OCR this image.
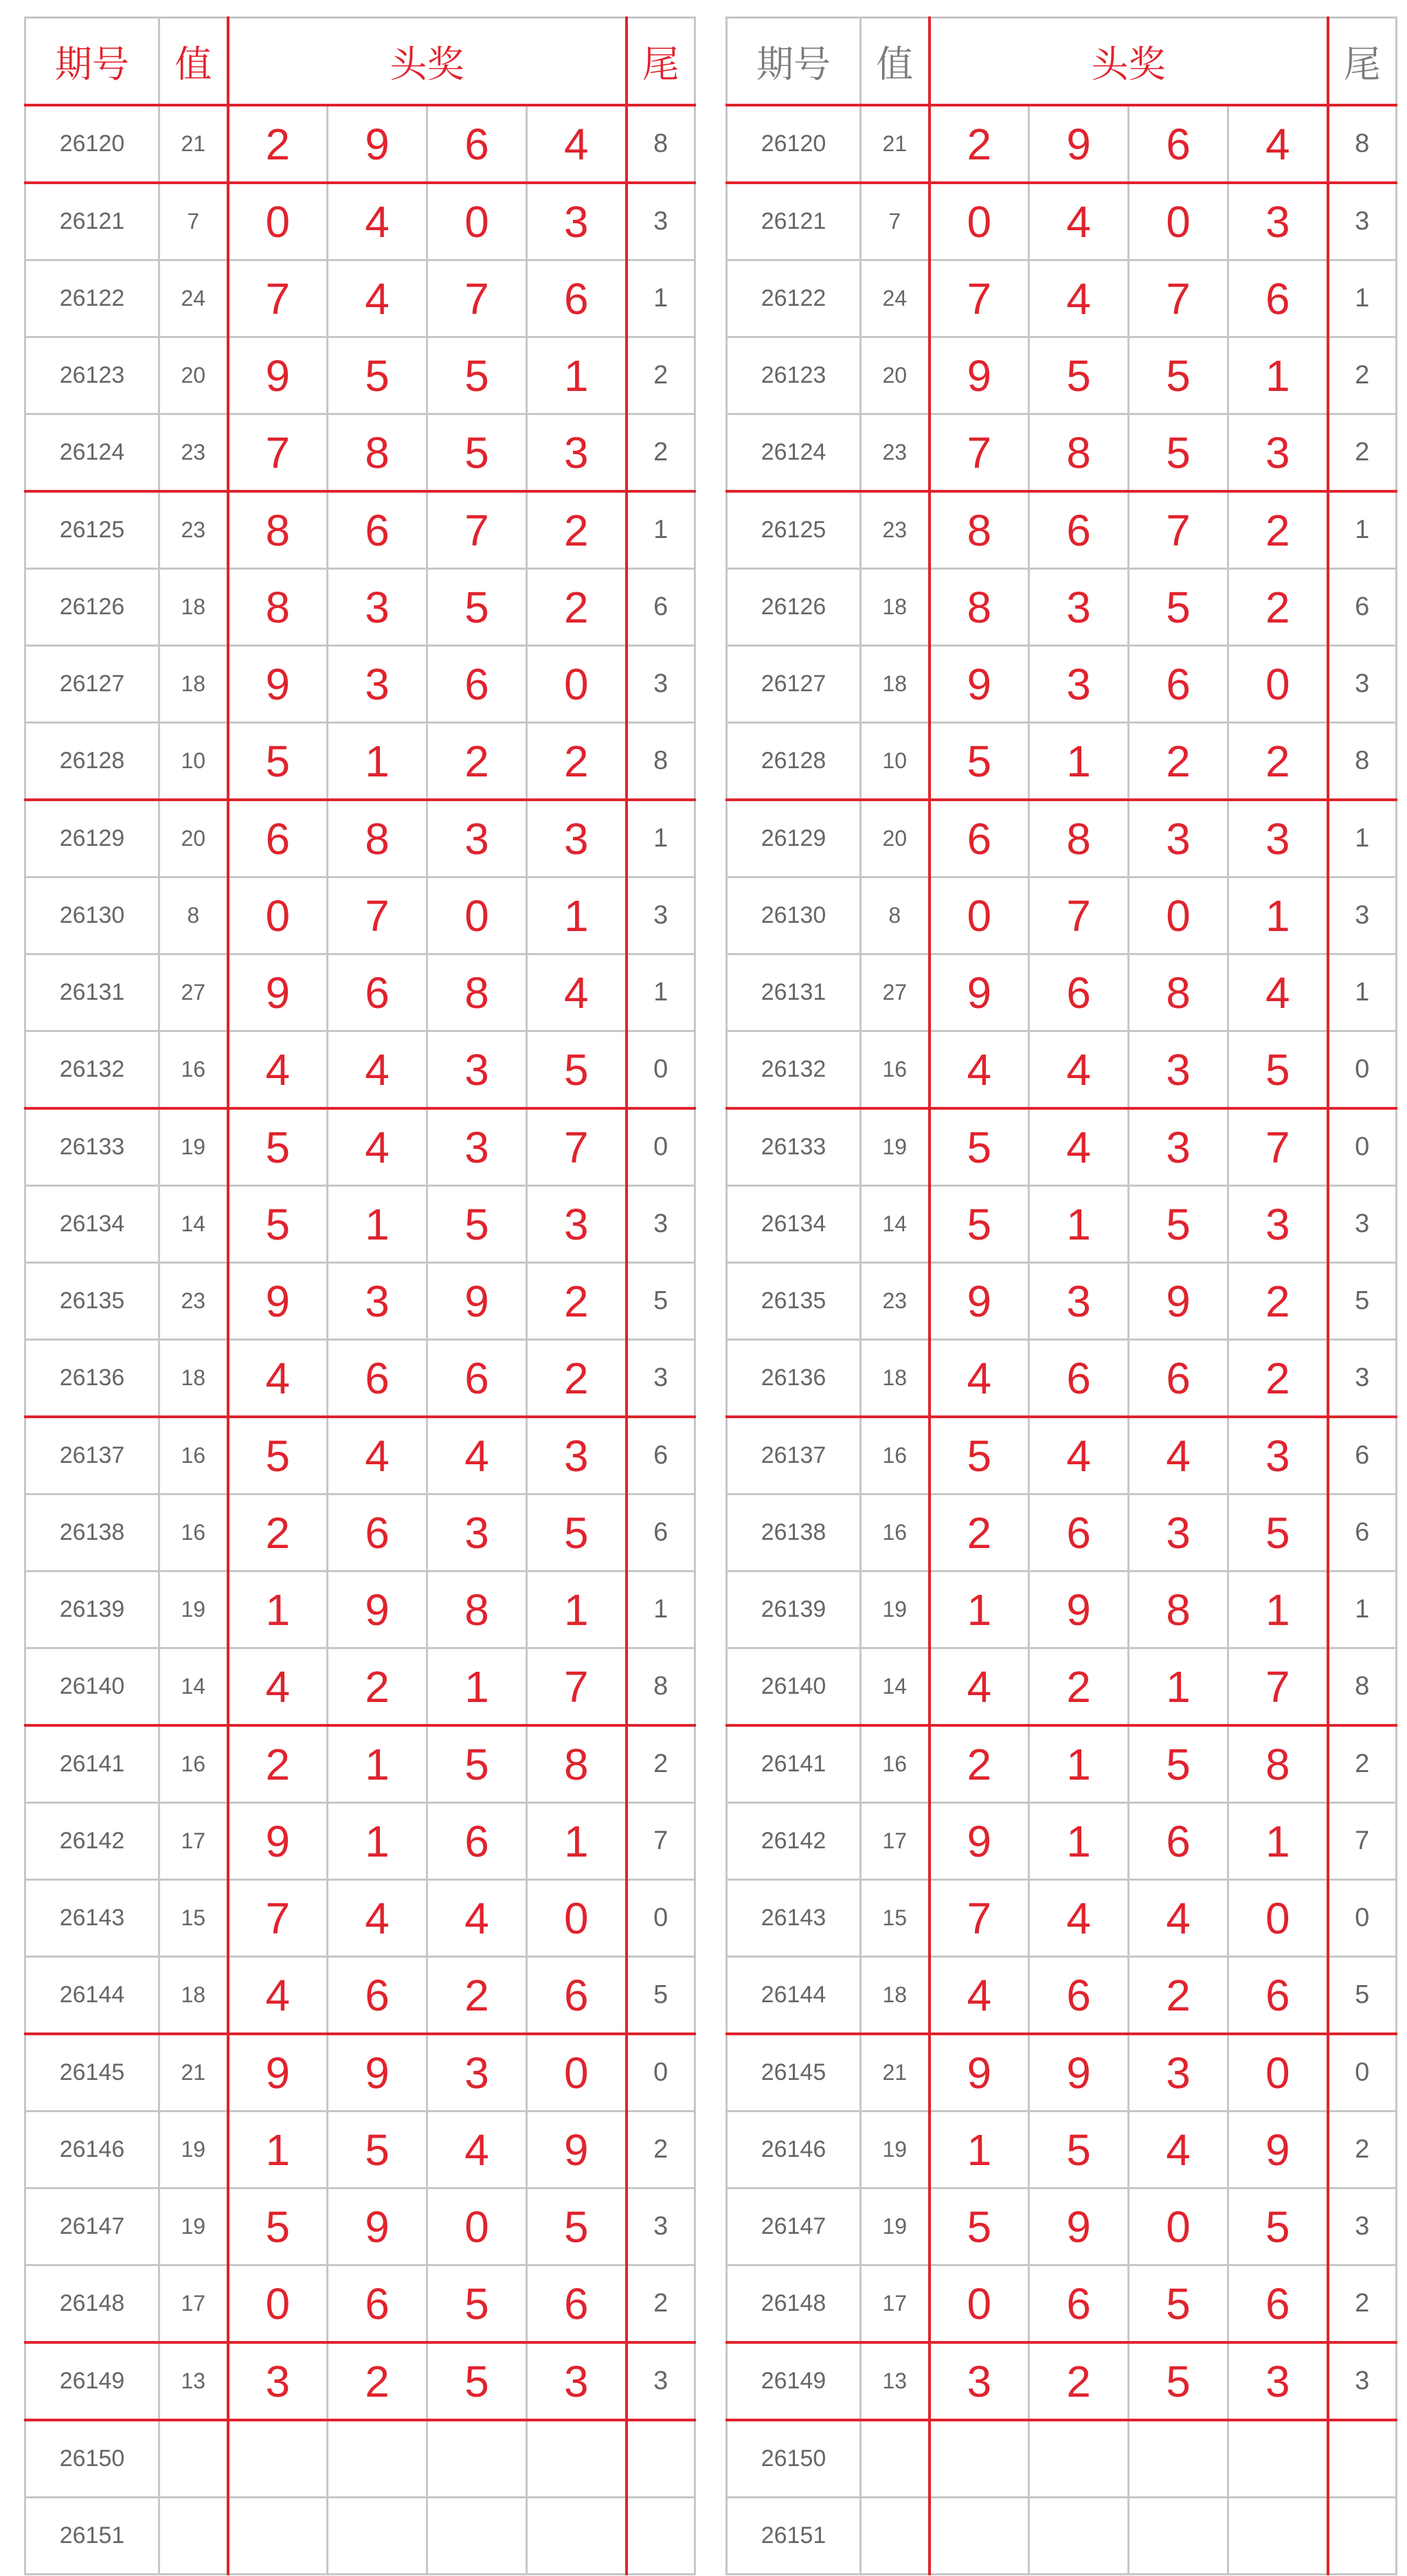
期号	值	头奖				尾
26120	21	2	9	6	4	8
26121	7	0	4	0	3	3
26122	24	7	4	7	6	1
26123	20	9	5	5	1	2
26124	23	7	8	5	3	2
26125	23	8	6	7	2	1
26126	18	8	3	5	2	6
26127	18	9	3	6	0	3
26128	10	5	1	2	2	8
26129	20	6	8	3	3	1
26130	8	0	7	0	1	3
26131	27	9	6	8	4	1
26132	16	4	4	3	5	0
26133	19	5	4	3	7	0
26134	14	5	1	5	3	3
26135	23	9	3	9	2	5
26136	18	4	6	6	2	3
26137	16	5	4	4	3	6
26138	16	2	6	3	5	6
26139	19	1	9	8	1	1
26140	14	4	2	1	7	8
26141	16	2	1	5	8	2
26142	17	9	1	6	1	7
26143	15	7	4	4	0	0
26144	18	4	6	2	6	5
26145	21	9	9	3	0	0
26146	19	1	5	4	9	2
26147	19	5	9	0	5	3
26148	17	0	6	5	6	2
26149	13	3	2	5	3	3
26150						
26151						
期号	值	头奖				尾
26120	21	2	9	6	4	8
26121	7	0	4	0	3	3
26122	24	7	4	7	6	1
26123	20	9	5	5	1	2
26124	23	7	8	5	3	2
26125	23	8	6	7	2	1
26126	18	8	3	5	2	6
26127	18	9	3	6	0	3
26128	10	5	1	2	2	8
26129	20	6	8	3	3	1
26130	8	0	7	0	1	3
26131	27	9	6	8	4	1
26132	16	4	4	3	5	0
26133	19	5	4	3	7	0
26134	14	5	1	5	3	3
26135	23	9	3	9	2	5
26136	18	4	6	6	2	3
26137	16	5	4	4	3	6
26138	16	2	6	3	5	6
26139	19	1	9	8	1	1
26140	14	4	2	1	7	8
26141	16	2	1	5	8	2
26142	17	9	1	6	1	7
26143	15	7	4	4	0	0
26144	18	4	6	2	6	5
26145	21	9	9	3	0	0
26146	19	1	5	4	9	2
26147	19	5	9	0	5	3
26148	17	0	6	5	6	2
26149	13	3	2	5	3	3
26150						
26151						
